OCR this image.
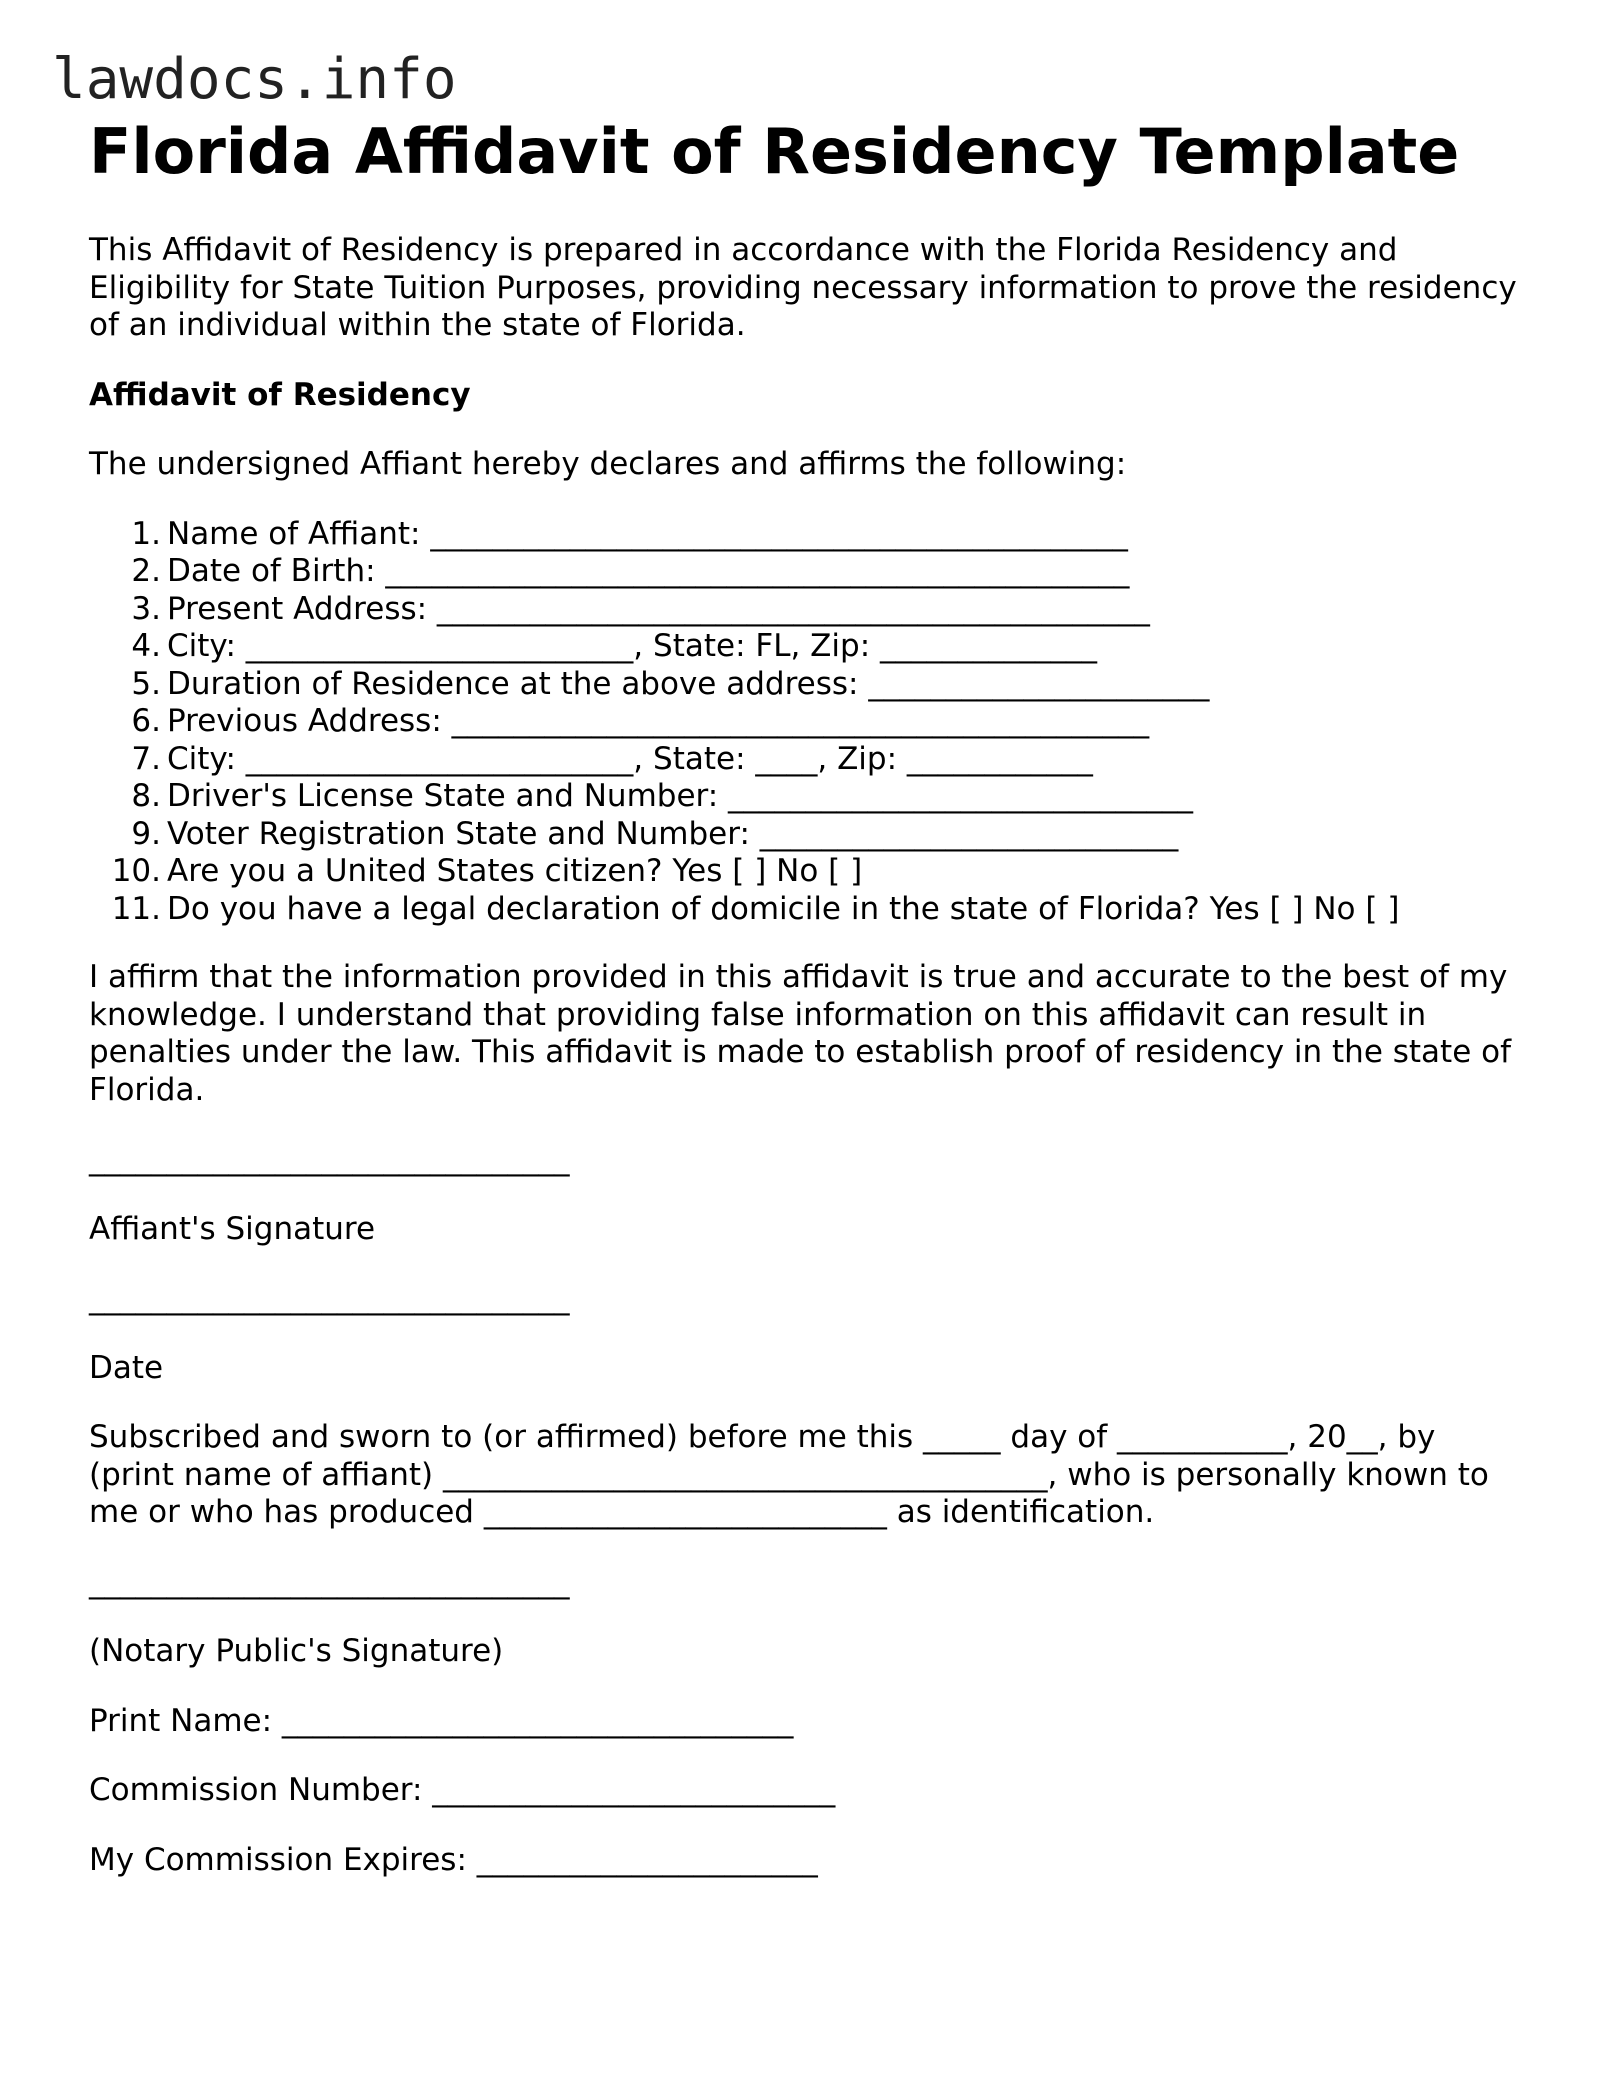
lawdocs.info
Florida Affidavit of Residency Template

This Affidavit of Residency is prepared in accordance with the Florida Residency and Eligibility for State Tuition Purposes, providing necessary information to prove the residency of an individual within the state of Florida.

Affidavit of Residency

The undersigned Affiant hereby declares and affirms the following:

1. Name of Affiant: _____________________________________________
2. Date of Birth: ________________________________________________
3. Present Address: ______________________________________________
4. City: _________________________, State: FL, Zip: ______________
5. Duration of Residence at the above address: ______________________
6. Previous Address: _____________________________________________
7. City: _________________________, State: ____, Zip: ____________
8. Driver's License State and Number: ______________________________
9. Voter Registration State and Number: ___________________________
10. Are you a United States citizen? Yes [ ] No [ ]
11. Do you have a legal declaration of domicile in the state of Florida? Yes [ ] No [ ]

I affirm that the information provided in this affidavit is true and accurate to the best of my knowledge. I understand that providing false information on this affidavit can result in penalties under the law. This affidavit is made to establish proof of residency in the state of Florida.

_______________________________

Affiant's Signature

_______________________________

Date

Subscribed and sworn to (or affirmed) before me this _____ day of ___________, 20__, by (print name of affiant) _______________________________________, who is personally known to me or who has produced __________________________ as identification.

_______________________________

(Notary Public's Signature)

Print Name: _________________________________

Commission Number: __________________________

My Commission Expires: ______________________
